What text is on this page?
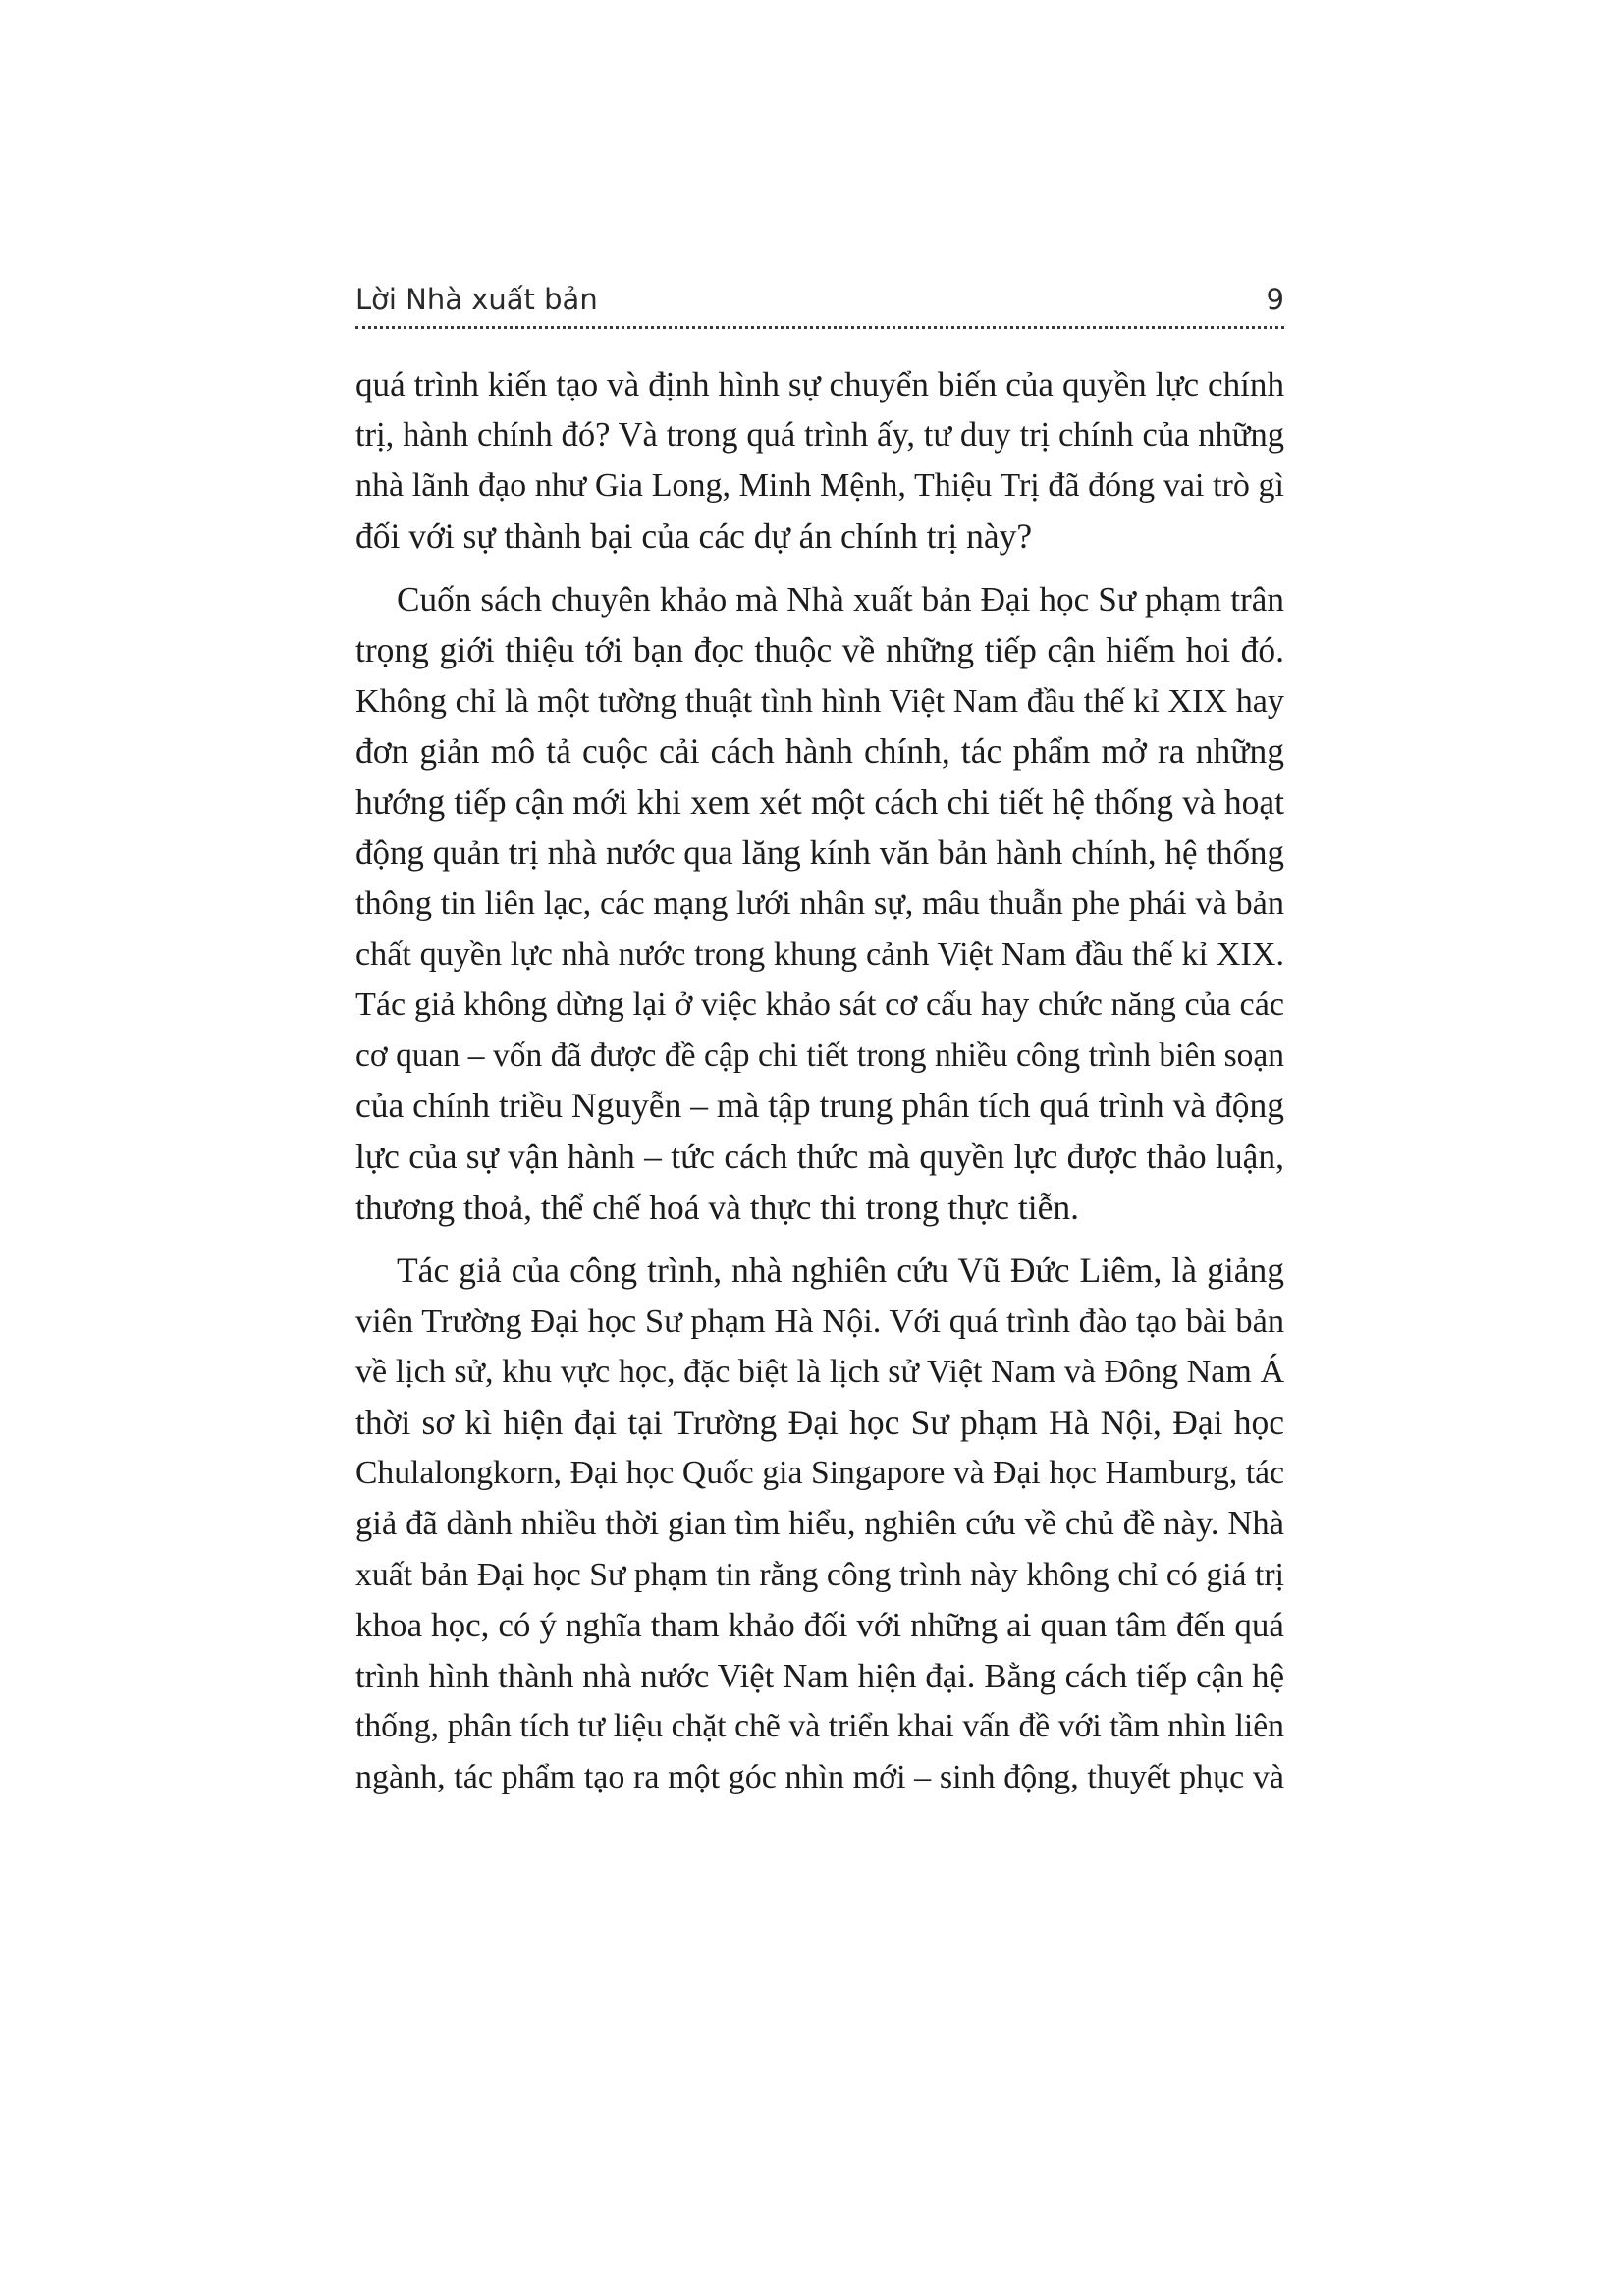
Lời Nhà xuất bản	9

quá trình kiến tạo và định hình sự chuyển biến của quyền lực chính
trị, hành chính đó? Và trong quá trình ấy, tư duy trị chính của những
nhà lãnh đạo như Gia Long, Minh Mệnh, Thiệu Trị đã đóng vai trò gì
đối với sự thành bại của các dự án chính trị này?

Cuốn sách chuyên khảo mà Nhà xuất bản Đại học Sư phạm trân
trọng giới thiệu tới bạn đọc thuộc về những tiếp cận hiếm hoi đó.
Không chỉ là một tường thuật tình hình Việt Nam đầu thế kỉ XIX hay
đơn giản mô tả cuộc cải cách hành chính, tác phẩm mở ra những
hướng tiếp cận mới khi xem xét một cách chi tiết hệ thống và hoạt
động quản trị nhà nước qua lăng kính văn bản hành chính, hệ thống
thông tin liên lạc, các mạng lưới nhân sự, mâu thuẫn phe phái và bản
chất quyền lực nhà nước trong khung cảnh Việt Nam đầu thế kỉ XIX.
Tác giả không dừng lại ở việc khảo sát cơ cấu hay chức năng của các
cơ quan – vốn đã được đề cập chi tiết trong nhiều công trình biên soạn
của chính triều Nguyễn – mà tập trung phân tích quá trình và động
lực của sự vận hành – tức cách thức mà quyền lực được thảo luận,
thương thoả, thể chế hoá và thực thi trong thực tiễn.

Tác giả của công trình, nhà nghiên cứu Vũ Đức Liêm, là giảng
viên Trường Đại học Sư phạm Hà Nội. Với quá trình đào tạo bài bản
về lịch sử, khu vực học, đặc biệt là lịch sử Việt Nam và Đông Nam Á
thời sơ kì hiện đại tại Trường Đại học Sư phạm Hà Nội, Đại học
Chulalongkorn, Đại học Quốc gia Singapore và Đại học Hamburg, tác
giả đã dành nhiều thời gian tìm hiểu, nghiên cứu về chủ đề này. Nhà
xuất bản Đại học Sư phạm tin rằng công trình này không chỉ có giá trị
khoa học, có ý nghĩa tham khảo đối với những ai quan tâm đến quá
trình hình thành nhà nước Việt Nam hiện đại. Bằng cách tiếp cận hệ
thống, phân tích tư liệu chặt chẽ và triển khai vấn đề với tầm nhìn liên
ngành, tác phẩm tạo ra một góc nhìn mới – sinh động, thuyết phục và
